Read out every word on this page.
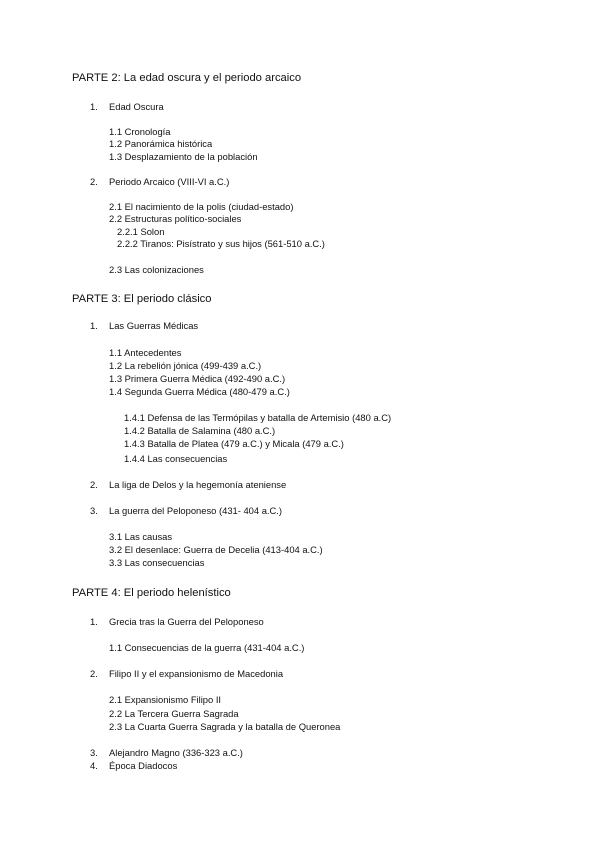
PARTE 2: La edad oscura y el periodo arcaico
1. Edad Oscura
1.1 Cronología
1.2 Panorámica histórica
1.3 Desplazamiento de la población
2. Periodo Arcaico (VIII-VI a.C.)
2.1 El nacimiento de la polis (ciudad-estado)
2.2 Estructuras político-sociales
2.2.1 Solon
2.2.2 Tiranos: Pisístrato y sus hijos (561-510 a.C.)
2.3 Las colonizaciones
PARTE 3: El periodo clásico
1. Las Guerras Médicas
1.1 Antecedentes
1.2 La rebelión jónica (499-439 a.C.)
1.3 Primera Guerra Médica (492-490 a.C.)
1.4 Segunda Guerra Médica (480-479 a.C.)
1.4.1 Defensa de las Termópilas y batalla de Artemisio (480 a.C)
1.4.2 Batalla de Salamina (480 a.C.)
1.4.3 Batalla de Platea (479 a.C.) y Micala (479 a.C.)
1.4.4 Las consecuencias
2. La liga de Delos y la hegemonía ateniense
3. La guerra del Peloponeso (431- 404 a.C.)
3.1 Las causas
3.2 El desenlace: Guerra de Decelia (413-404 a.C.)
3.3 Las consecuencias
PARTE 4: El periodo helenístico
1. Grecia tras la Guerra del Peloponeso
1.1 Consecuencias de la guerra (431-404 a.C.)
2. Filipo II y el expansionismo de Macedonia
2.1 Expansionismo Filipo II
2.2 La Tercera Guerra Sagrada
2.3 La Cuarta Guerra Sagrada y la batalla de Queronea
3. Alejandro Magno (336-323 a.C.)
4. Época Diadocos
